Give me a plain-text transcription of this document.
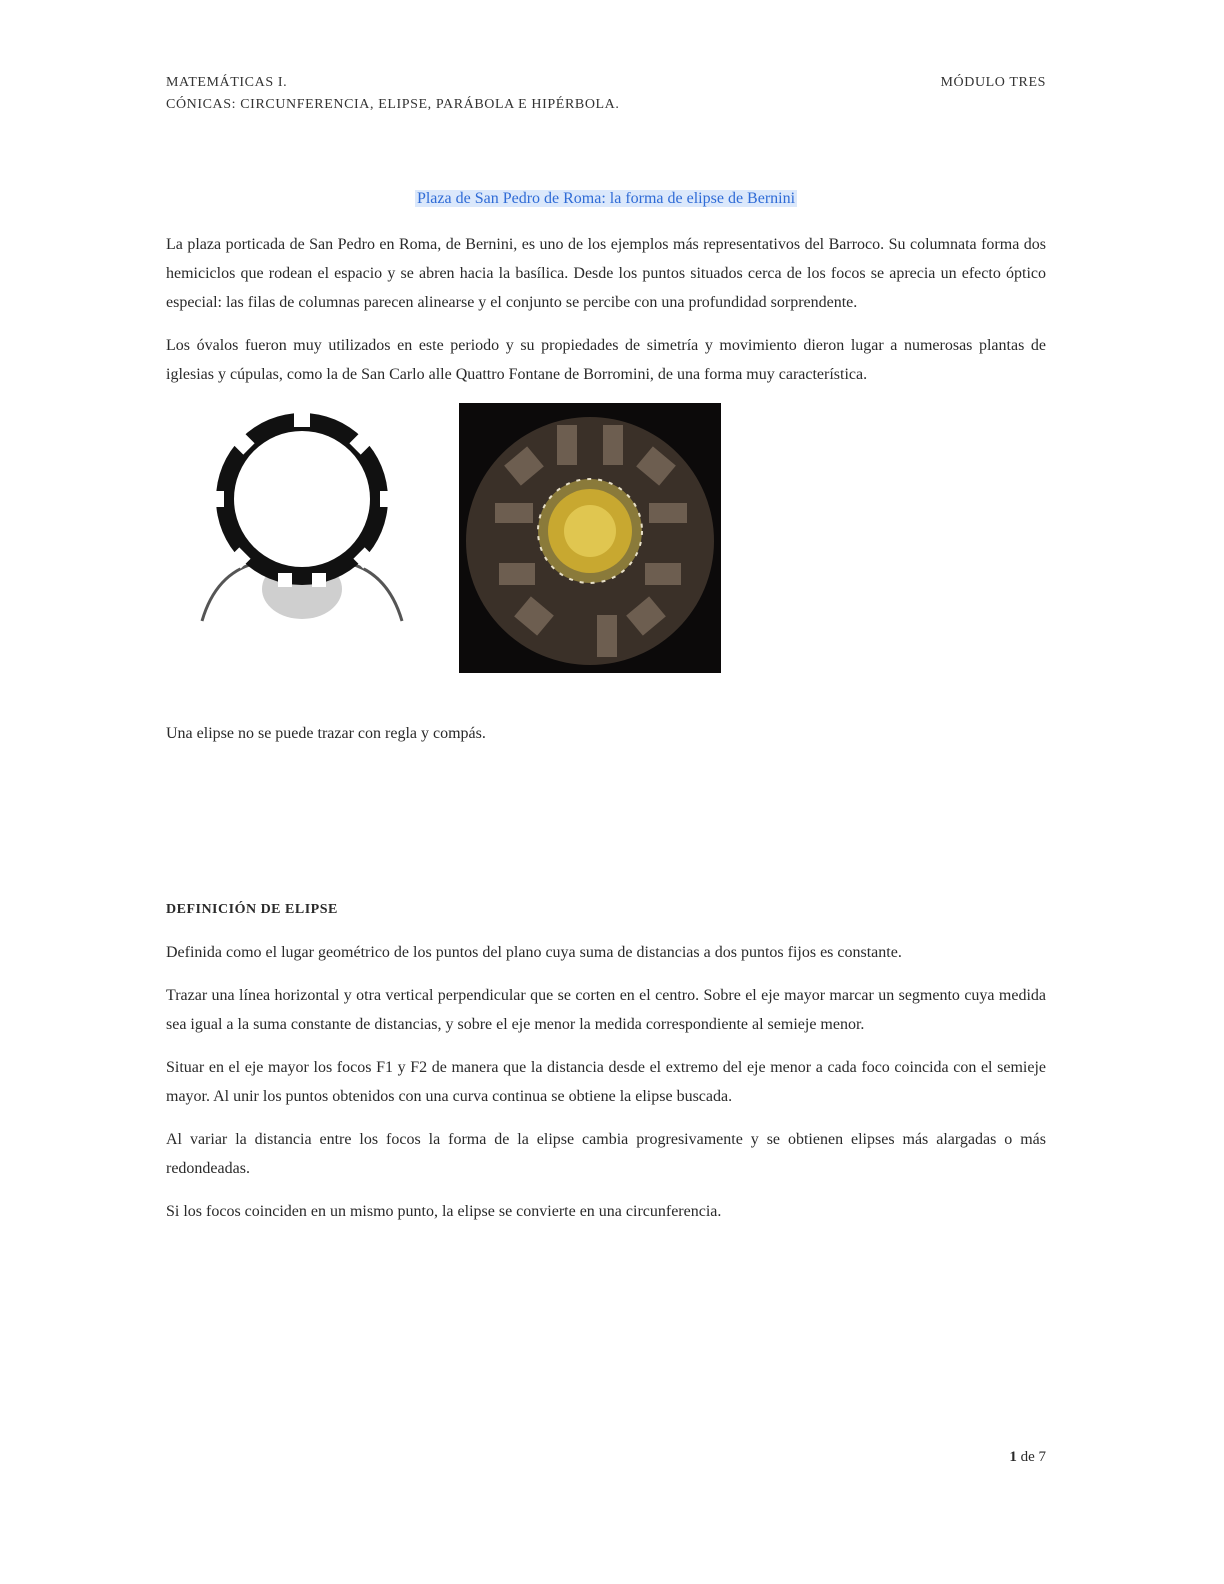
MATEMÁTICAS I.	MÓDULO TRES
CÓNICAS: CIRCUNFERENCIA, ELIPSE, PARÁBOLA E HIPÉRBOLA.
Plaza de San Pedro de Roma: la forma de elipse de Bernini

La plaza porticada de San Pedro en Roma, de Bernini, es uno de los ejemplos más representativos del Barroco. Su columnata forma dos hemiciclos que rodean el espacio y se abren hacia la basílica. Desde los puntos situados cerca de los focos se aprecia un efecto óptico especial: las filas de columnas parecen alinearse y el conjunto se percibe con una profundidad sorprendente.

Los óvalos fueron muy utilizados en este periodo y su propiedades de simetría y movimiento dieron lugar a numerosas plantas de iglesias y cúpulas, como la de San Carlo alle Quattro Fontane de Borromini, de una forma muy característica.

Una elipse no se puede trazar con regla y compás.

DEFINICIÓN DE ELIPSE

Definida como el lugar geométrico de los puntos del plano cuya suma de distancias a dos puntos fijos es constante.

Trazar una línea horizontal y otra vertical perpendicular que se corten en el centro. Sobre el eje mayor marcar un segmento cuya medida sea igual a la suma constante de distancias, y sobre el eje menor la medida correspondiente al semieje menor.

Situar en el eje mayor los focos F1 y F2 de manera que la distancia desde el extremo del eje menor a cada foco coincida con el semieje mayor. Al unir los puntos obtenidos con una curva continua se obtiene la elipse buscada.

Al variar la distancia entre los focos la forma de la elipse cambia progresivamente y se obtienen elipses más alargadas o más redondeadas.

Si los focos coinciden en un mismo punto, la elipse se convierte en una circunferencia.

1 de 7
